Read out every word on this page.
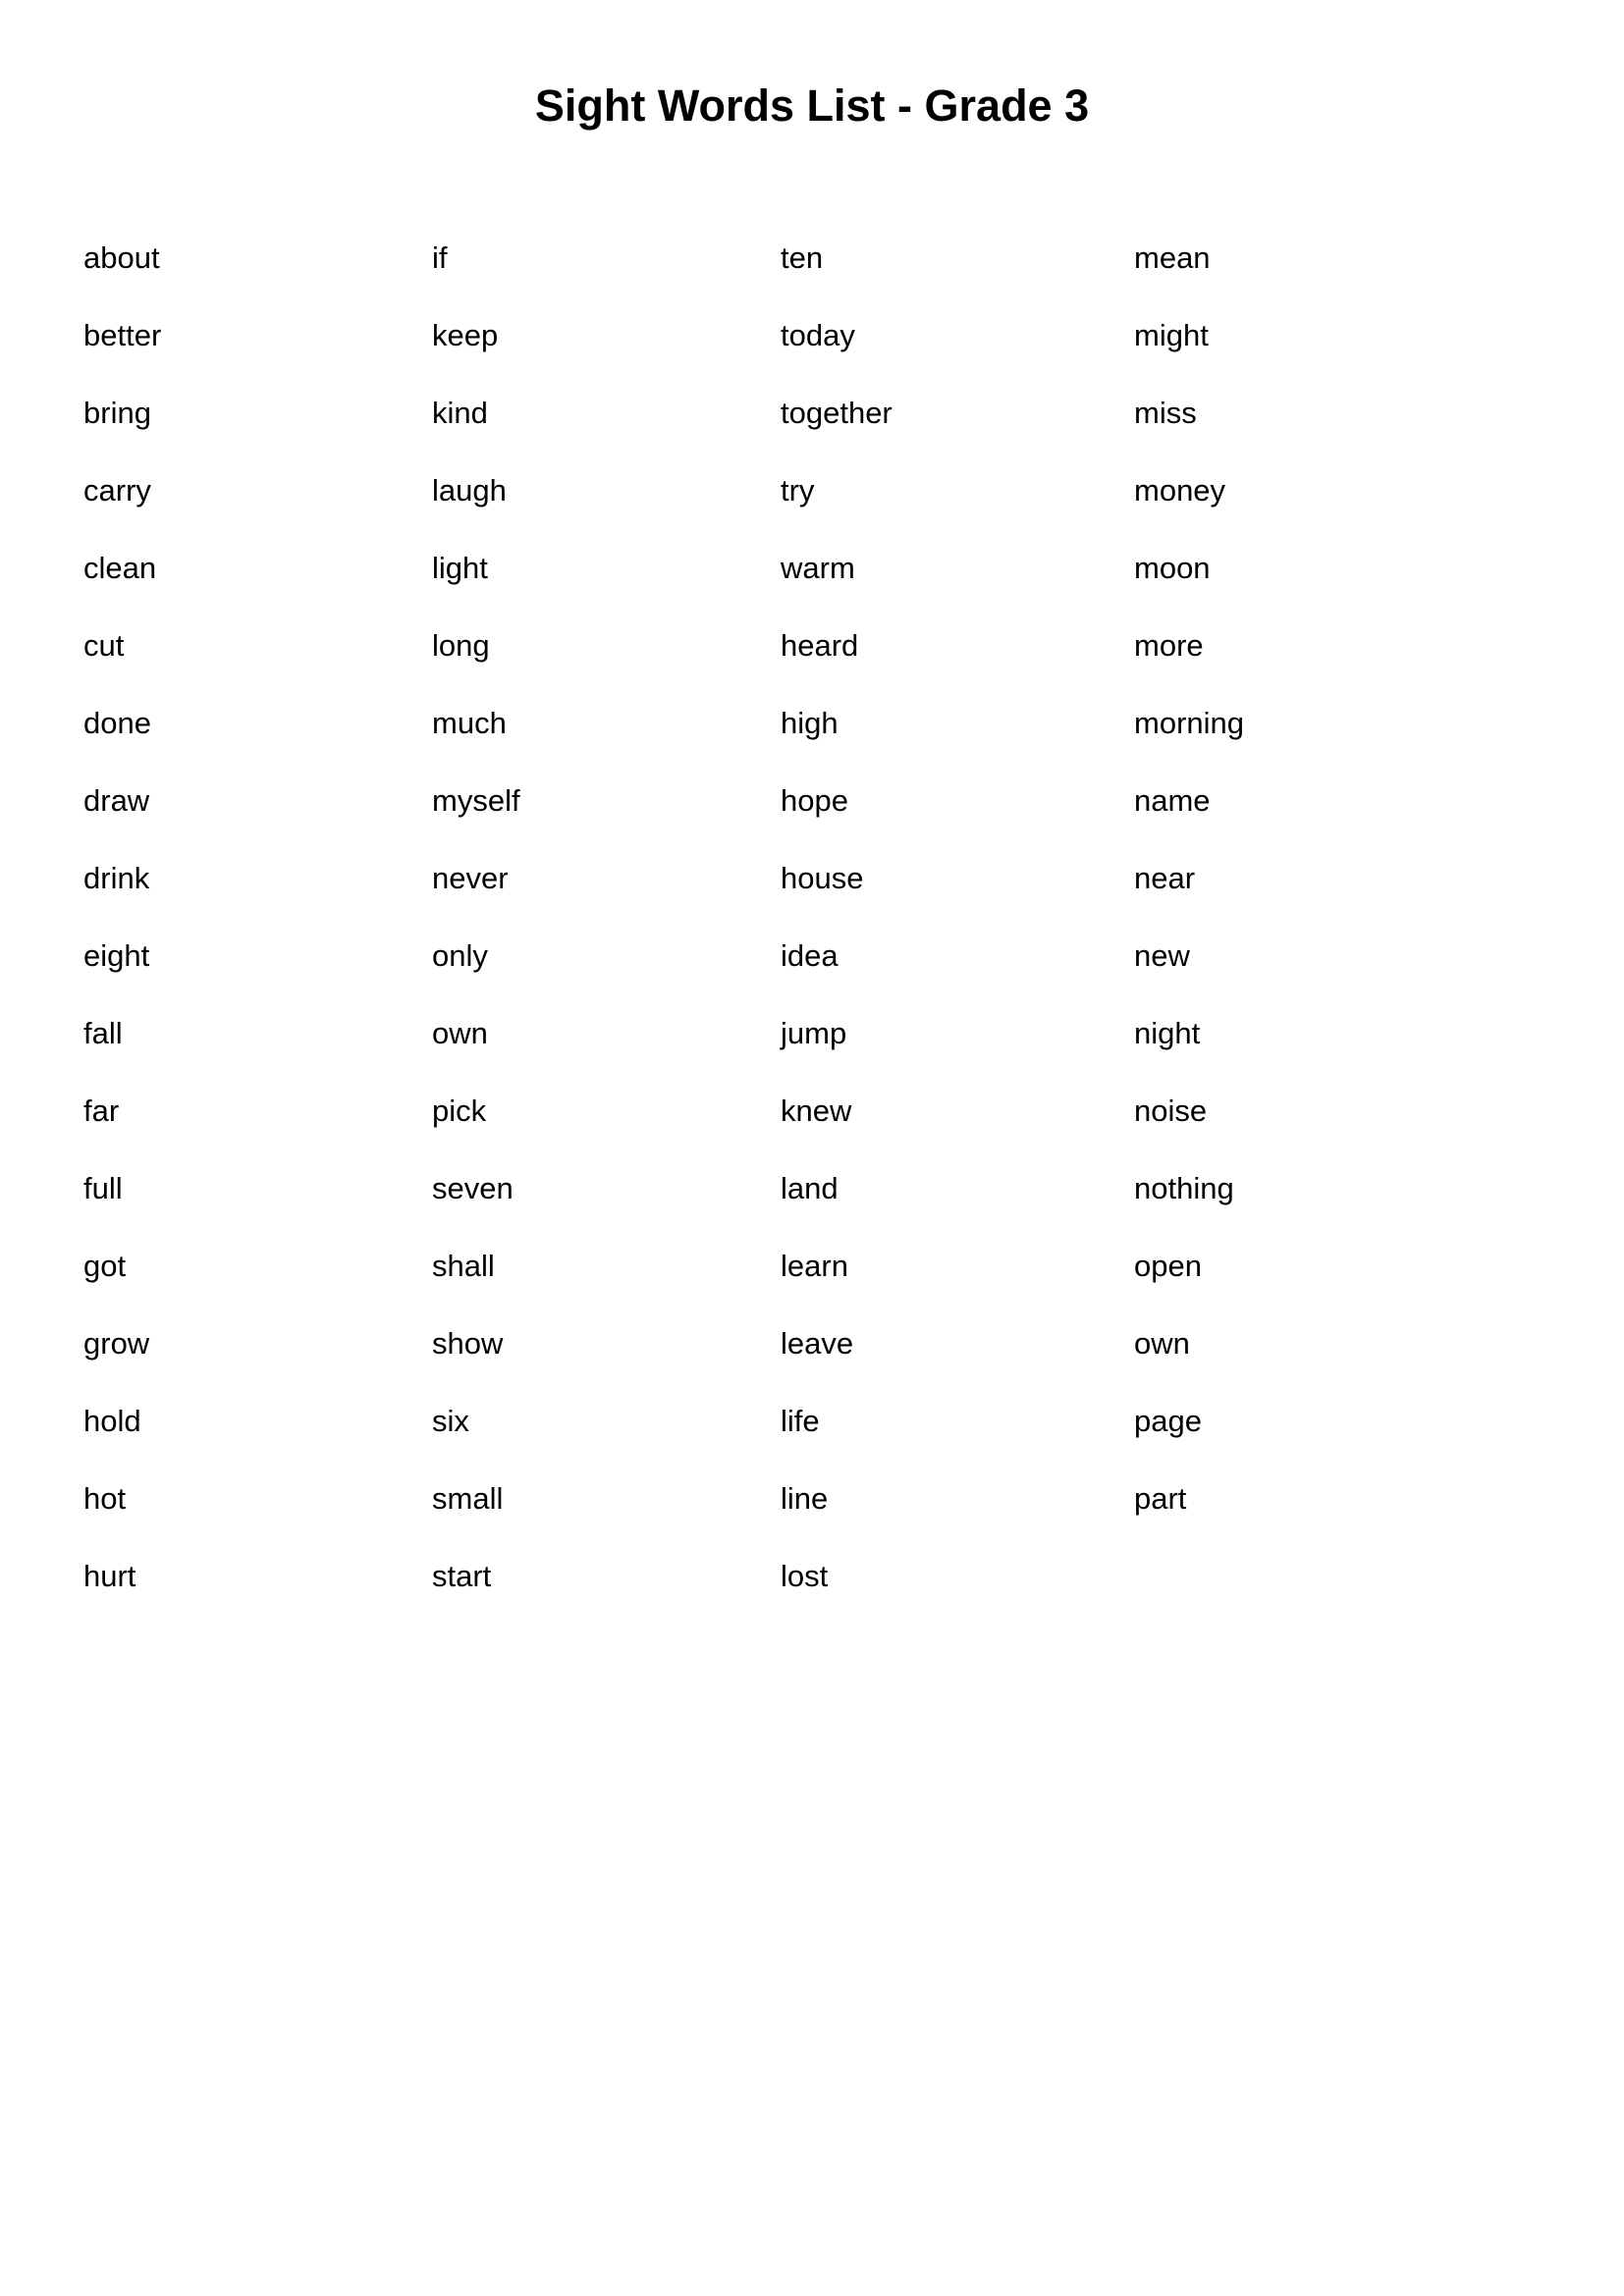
Sight Words List - Grade 3
about	if	ten	mean
better	keep	today	might
bring	kind	together	miss
carry	laugh	try	money
clean	light	warm	moon
cut	long	heard	more
done	much	high	morning
draw	myself	hope	name
drink	never	house	near
eight	only	idea	new
fall	own	jump	night
far	pick	knew	noise
full	seven	land	nothing
got	shall	learn	open
grow	show	leave	own
hold	six	life	page
hot	small	line	part
hurt	start	lost
